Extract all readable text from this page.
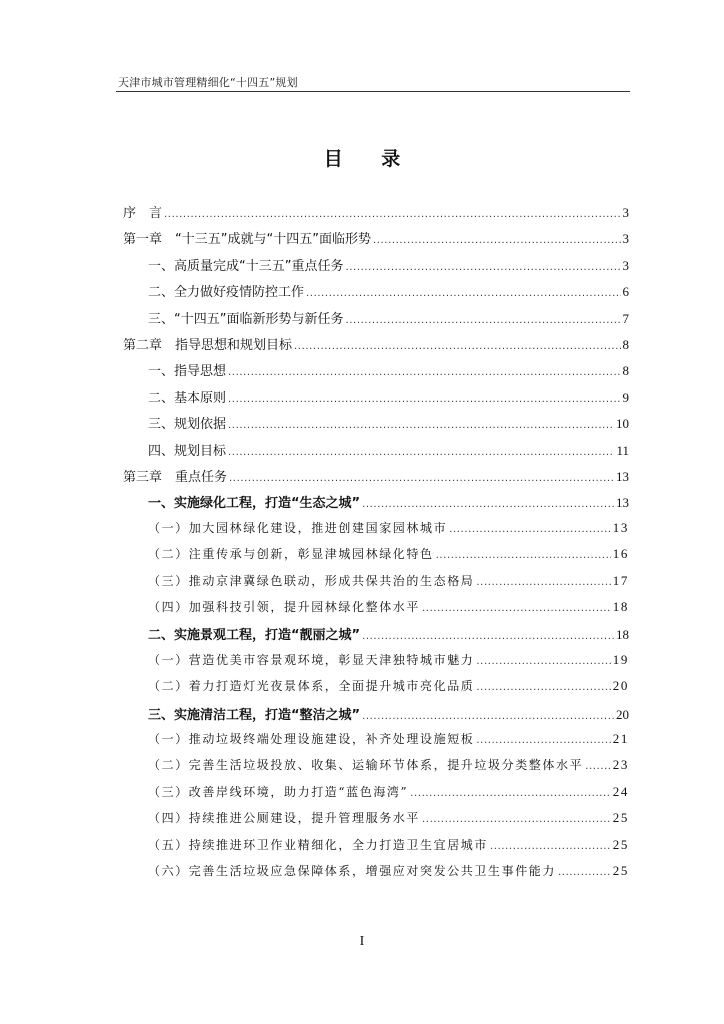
天津市城市管理精细化“十四五”规划
目 录
序　言 .....	3
第一章　“十三五”成就与“十四五”面临形势 .....	3
一、高质量完成“十三五”重点任务 .....	3
二、全力做好疫情防控工作 .....	6
三、“十四五”面临新形势与新任务 .....	7
第二章　指导思想和规划目标 .....	8
一、指导思想 .....	8
二、基本原则 .....	9
三、规划依据 .....	10
四、规划目标 .....	11
第三章　重点任务 .....	13
一、实施绿化工程，打造“生态之城” .....	13
（一）加大园林绿化建设，推进创建国家园林城市 .....	13
（二）注重传承与创新，彰显津城园林绿化特色 .....	16
（三）推动京津冀绿色联动，形成共保共治的生态格局 .....	17
（四）加强科技引领，提升园林绿化整体水平 .....	18
二、实施景观工程，打造“靓丽之城” .....	18
（一）营造优美市容景观环境，彰显天津独特城市魅力 .....	19
（二）着力打造灯光夜景体系，全面提升城市亮化品质 .....	20
三、实施清洁工程，打造“整洁之城” .....	20
（一）推动垃圾终端处理设施建设，补齐处理设施短板 .....	21
（二）完善生活垃圾投放、收集、运输环节体系，提升垃圾分类整体水平 ..... 23
（三）改善岸线环境，助力打造“蓝色海湾” .....	24
（四）持续推进公厕建设，提升管理服务水平 .....	25
（五）持续推进环卫作业精细化，全力打造卫生宜居城市 .....	25
（六）完善生活垃圾应急保障体系，增强应对突发公共卫生事件能力 .....	25
I
